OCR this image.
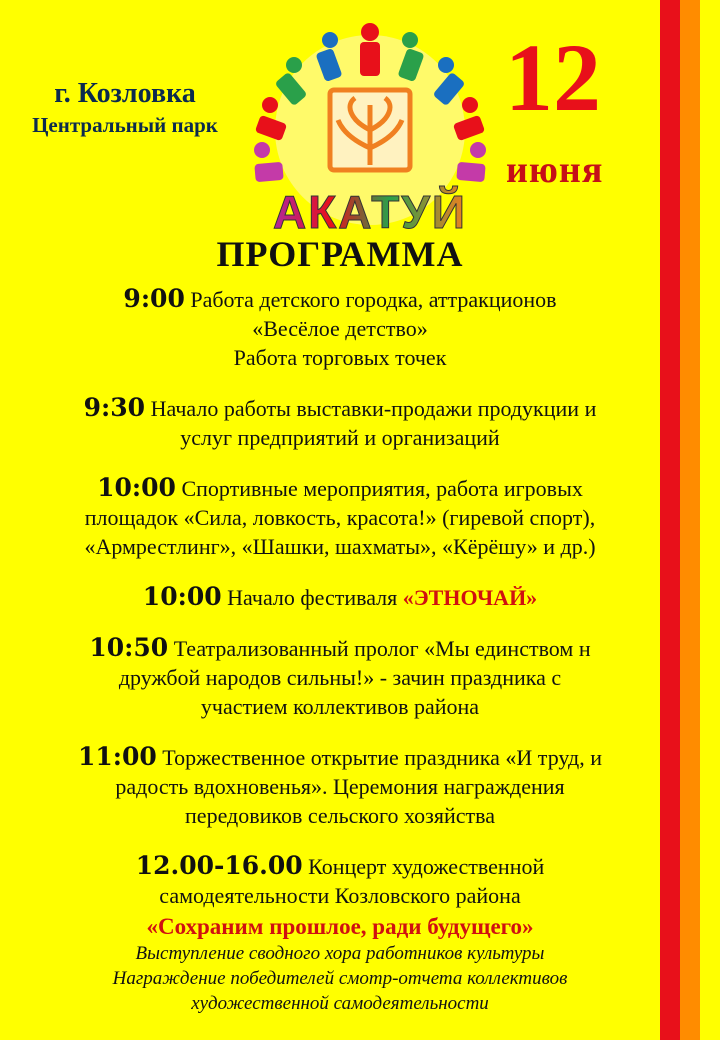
г. Козловка
Центральный парк
АКАТУЙ
12
июня
ПРОГРАММА
9:00 Работа детского городка, аттракционов
«Весёлое детство»
Работа торговых точек
9:30 Начало работы выставки-продажи продукции и
услуг предприятий и организаций
10:00 Спортивные мероприятия, работа игровых
площадок «Сила, ловкость, красота!» (гиревой спорт),
«Армрестлинг», «Шашки, шахматы», «Кёрёшу» и др.)
10:00 Начало фестиваля «ЭТНОЧАЙ»
10:50 Театрализованный пролог «Мы единством н
дружбой народов сильны!» - зачин праздника с
участием коллективов района
11:00 Торжественное открытие праздника «И труд, и
радость вдохновенья». Церемония награждения
передовиков сельского хозяйства
12.00-16.00 Концерт художественной
самодеятельности Козловского района
«Сохраним прошлое, ради будущего»
Выступление сводного хора работников культуры
Награждение победителей смотр-отчета коллективов
художественной самодеятельности
